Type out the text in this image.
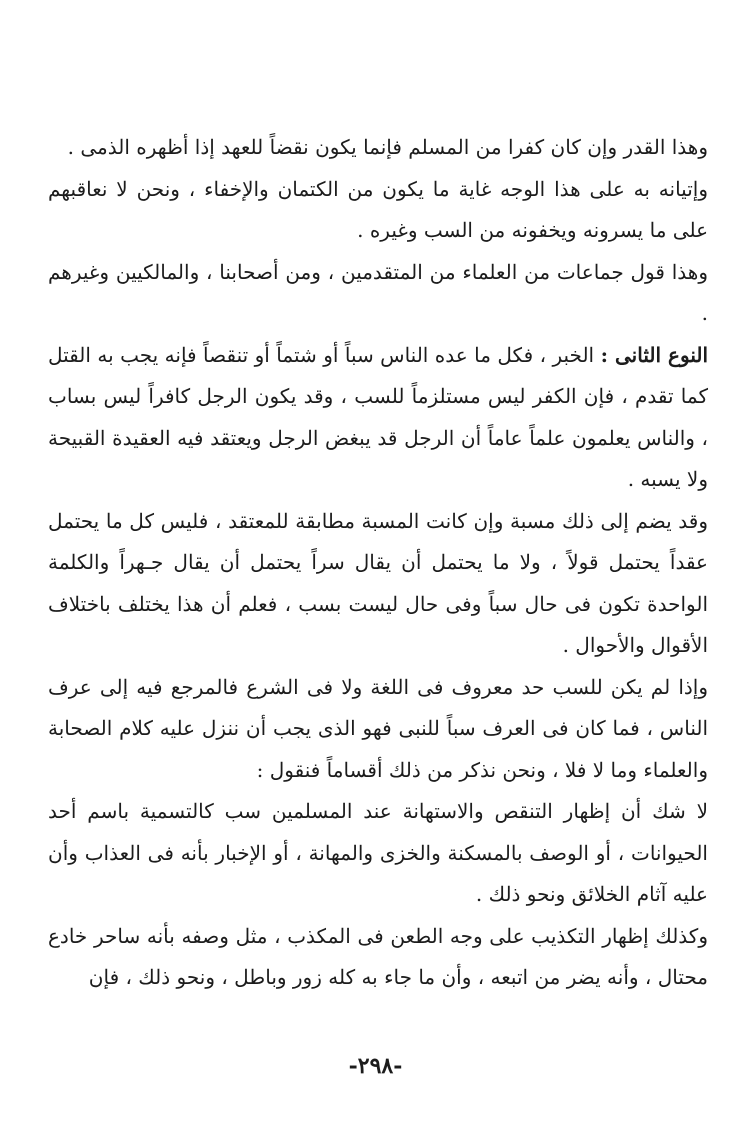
وهذا القدر وإن كان كفرا من المسلم فإنما يكون نقضاً للعهد إذا أظهره الذمى .

وإتيانه به على هذا الوجه غاية ما يكون من الكتمان والإخفاء ، ونحن لا نعاقبهم على ما يسرونه ويخفونه من السب وغيره .

وهذا قول جماعات من العلماء من المتقدمين ، ومن أصحابنا ، والمالكيين وغيرهم .

النوع الثانى : الخبر ، فكل ما عده الناس سباً أو شتماً أو تنقصاً فإنه يجب به القتل كما تقدم ، فإن الكفر ليس مستلزماً للسب ، وقد يكون الرجل كافراً ليس بساب ، والناس يعلمون علماً عاماً أن الرجل قد يبغض الرجل ويعتقد فيه العقيدة القبيحة ولا يسبه .

وقد يضم إلى ذلك مسبة وإن كانت المسبة مطابقة للمعتقد ، فليس كل ما يحتمل عقداً يحتمل قولاً ، ولا ما يحتمل أن يقال سراً يحتمل أن يقال جـهراً والكلمة الواحدة تكون فى حال سباً وفى حال ليست بسب ، فعلم أن هذا يختلف باختلاف الأقوال والأحوال .

وإذا لم يكن للسب حد معروف فى اللغة ولا فى الشرع فالمرجع فيه إلى عرف الناس ، فما كان فى العرف سباً للنبى فهو الذى يجب أن ننزل عليه كلام الصحابة والعلماء وما لا فلا ، ونحن نذكر من ذلك أقساماً فنقول :

لا شك أن إظهار التنقص والاستهانة عند المسلمين سب كالتسمية باسم أحد الحيوانات ، أو الوصف بالمسكنة والخزى والمهانة ، أو الإخبار بأنه فى العذاب وأن عليه آثام الخلائق ونحو ذلك .

وكذلك إظهار التكذيب على وجه الطعن فى المكذب ، مثل وصفه بأنه ساحر خادع محتال ، وأنه يضر من اتبعه ، وأن ما جاء به كله زور وباطل ، ونحو ذلك ، فإن

-٢٩٨-
